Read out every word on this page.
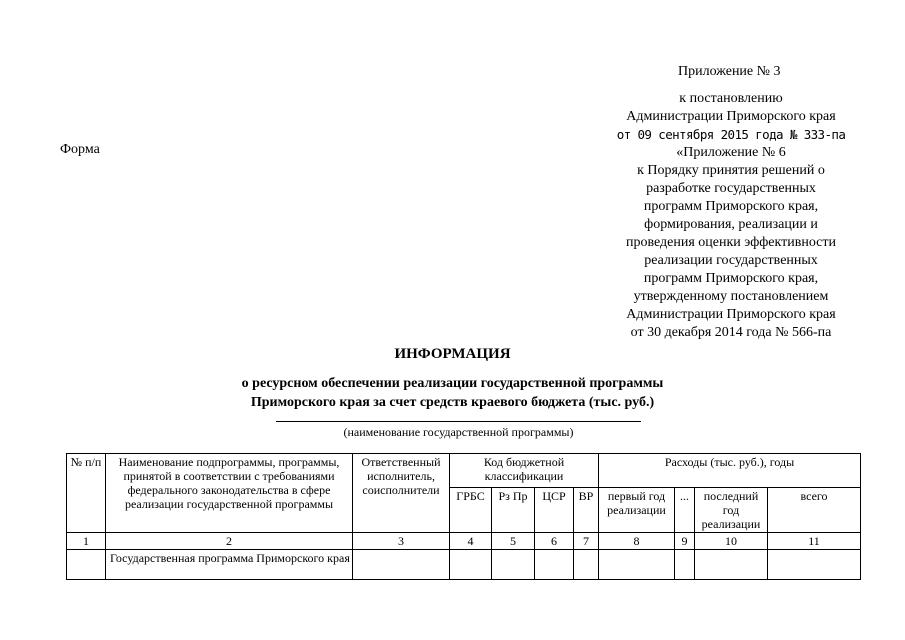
Приложение № 3
к постановлению
Администрации Приморского края
от 09 сентября 2015 года № 333-па
Форма	«Приложение № 6
к Порядку принятия решений о
разработке государственных
программ Приморского края,
формирования, реализации и
проведения оценки эффективности
реализации государственных
программ Приморского края,
утвержденному постановлением
Администрации Приморского края
от 30 декабря 2014 года № 566-па
ИНФОРМАЦИЯ
о ресурсном обеспечении реализации государственной программы
Приморского края за счет средств краевого бюджета (тыс. руб.)
(наименование государственной программы)
№ п/п	Наименование подпрограммы, программы, принятой в соответствии с требованиями федерального законодательства в сфере реализации государственной программы	Ответственный исполнитель, соисполнители	Код бюджетной классификации				Расходы (тыс. руб.), годы			
			ГРБС	Рз Пр	ЦСР	ВР	первый год реализации	...	последний год реализации	всего
1	2	3	4	5	6	7	8	9	10	11
	Государственная программа Приморского края									
